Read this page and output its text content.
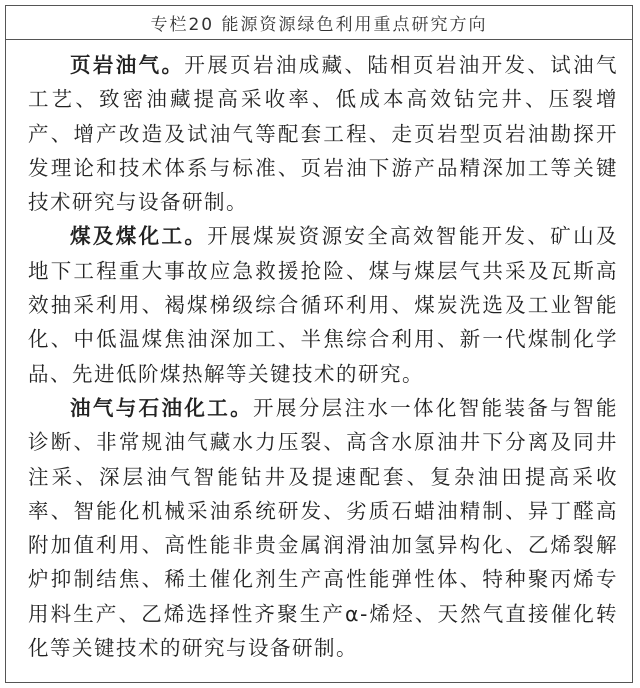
专栏20 能源资源绿色利用重点研究方向

页岩油气。开展页岩油成藏、陆相页岩油开发、试油气工艺、致密油藏提高采收率、低成本高效钻完井、压裂增产、增产改造及试油气等配套工程、走页岩型页岩油勘探开发理论和技术体系与标准、页岩油下游产品精深加工等关键技术研究与设备研制。

煤及煤化工。开展煤炭资源安全高效智能开发、矿山及地下工程重大事故应急救援抢险、煤与煤层气共采及瓦斯高效抽采利用、褐煤梯级综合循环利用、煤炭洗选及工业智能化、中低温煤焦油深加工、半焦综合利用、新一代煤制化学品、先进低阶煤热解等关键技术的研究。

油气与石油化工。开展分层注水一体化智能装备与智能诊断、非常规油气藏水力压裂、高含水原油井下分离及同井注采、深层油气智能钻井及提速配套、复杂油田提高采收率、智能化机械采油系统研发、劣质石蜡油精制、异丁醛高附加值利用、高性能非贵金属润滑油加氢异构化、乙烯裂解炉抑制结焦、稀土催化剂生产高性能弹性体、特种聚丙烯专用料生产、乙烯选择性齐聚生产α-烯烃、天然气直接催化转化等关键技术的研究与设备研制。
